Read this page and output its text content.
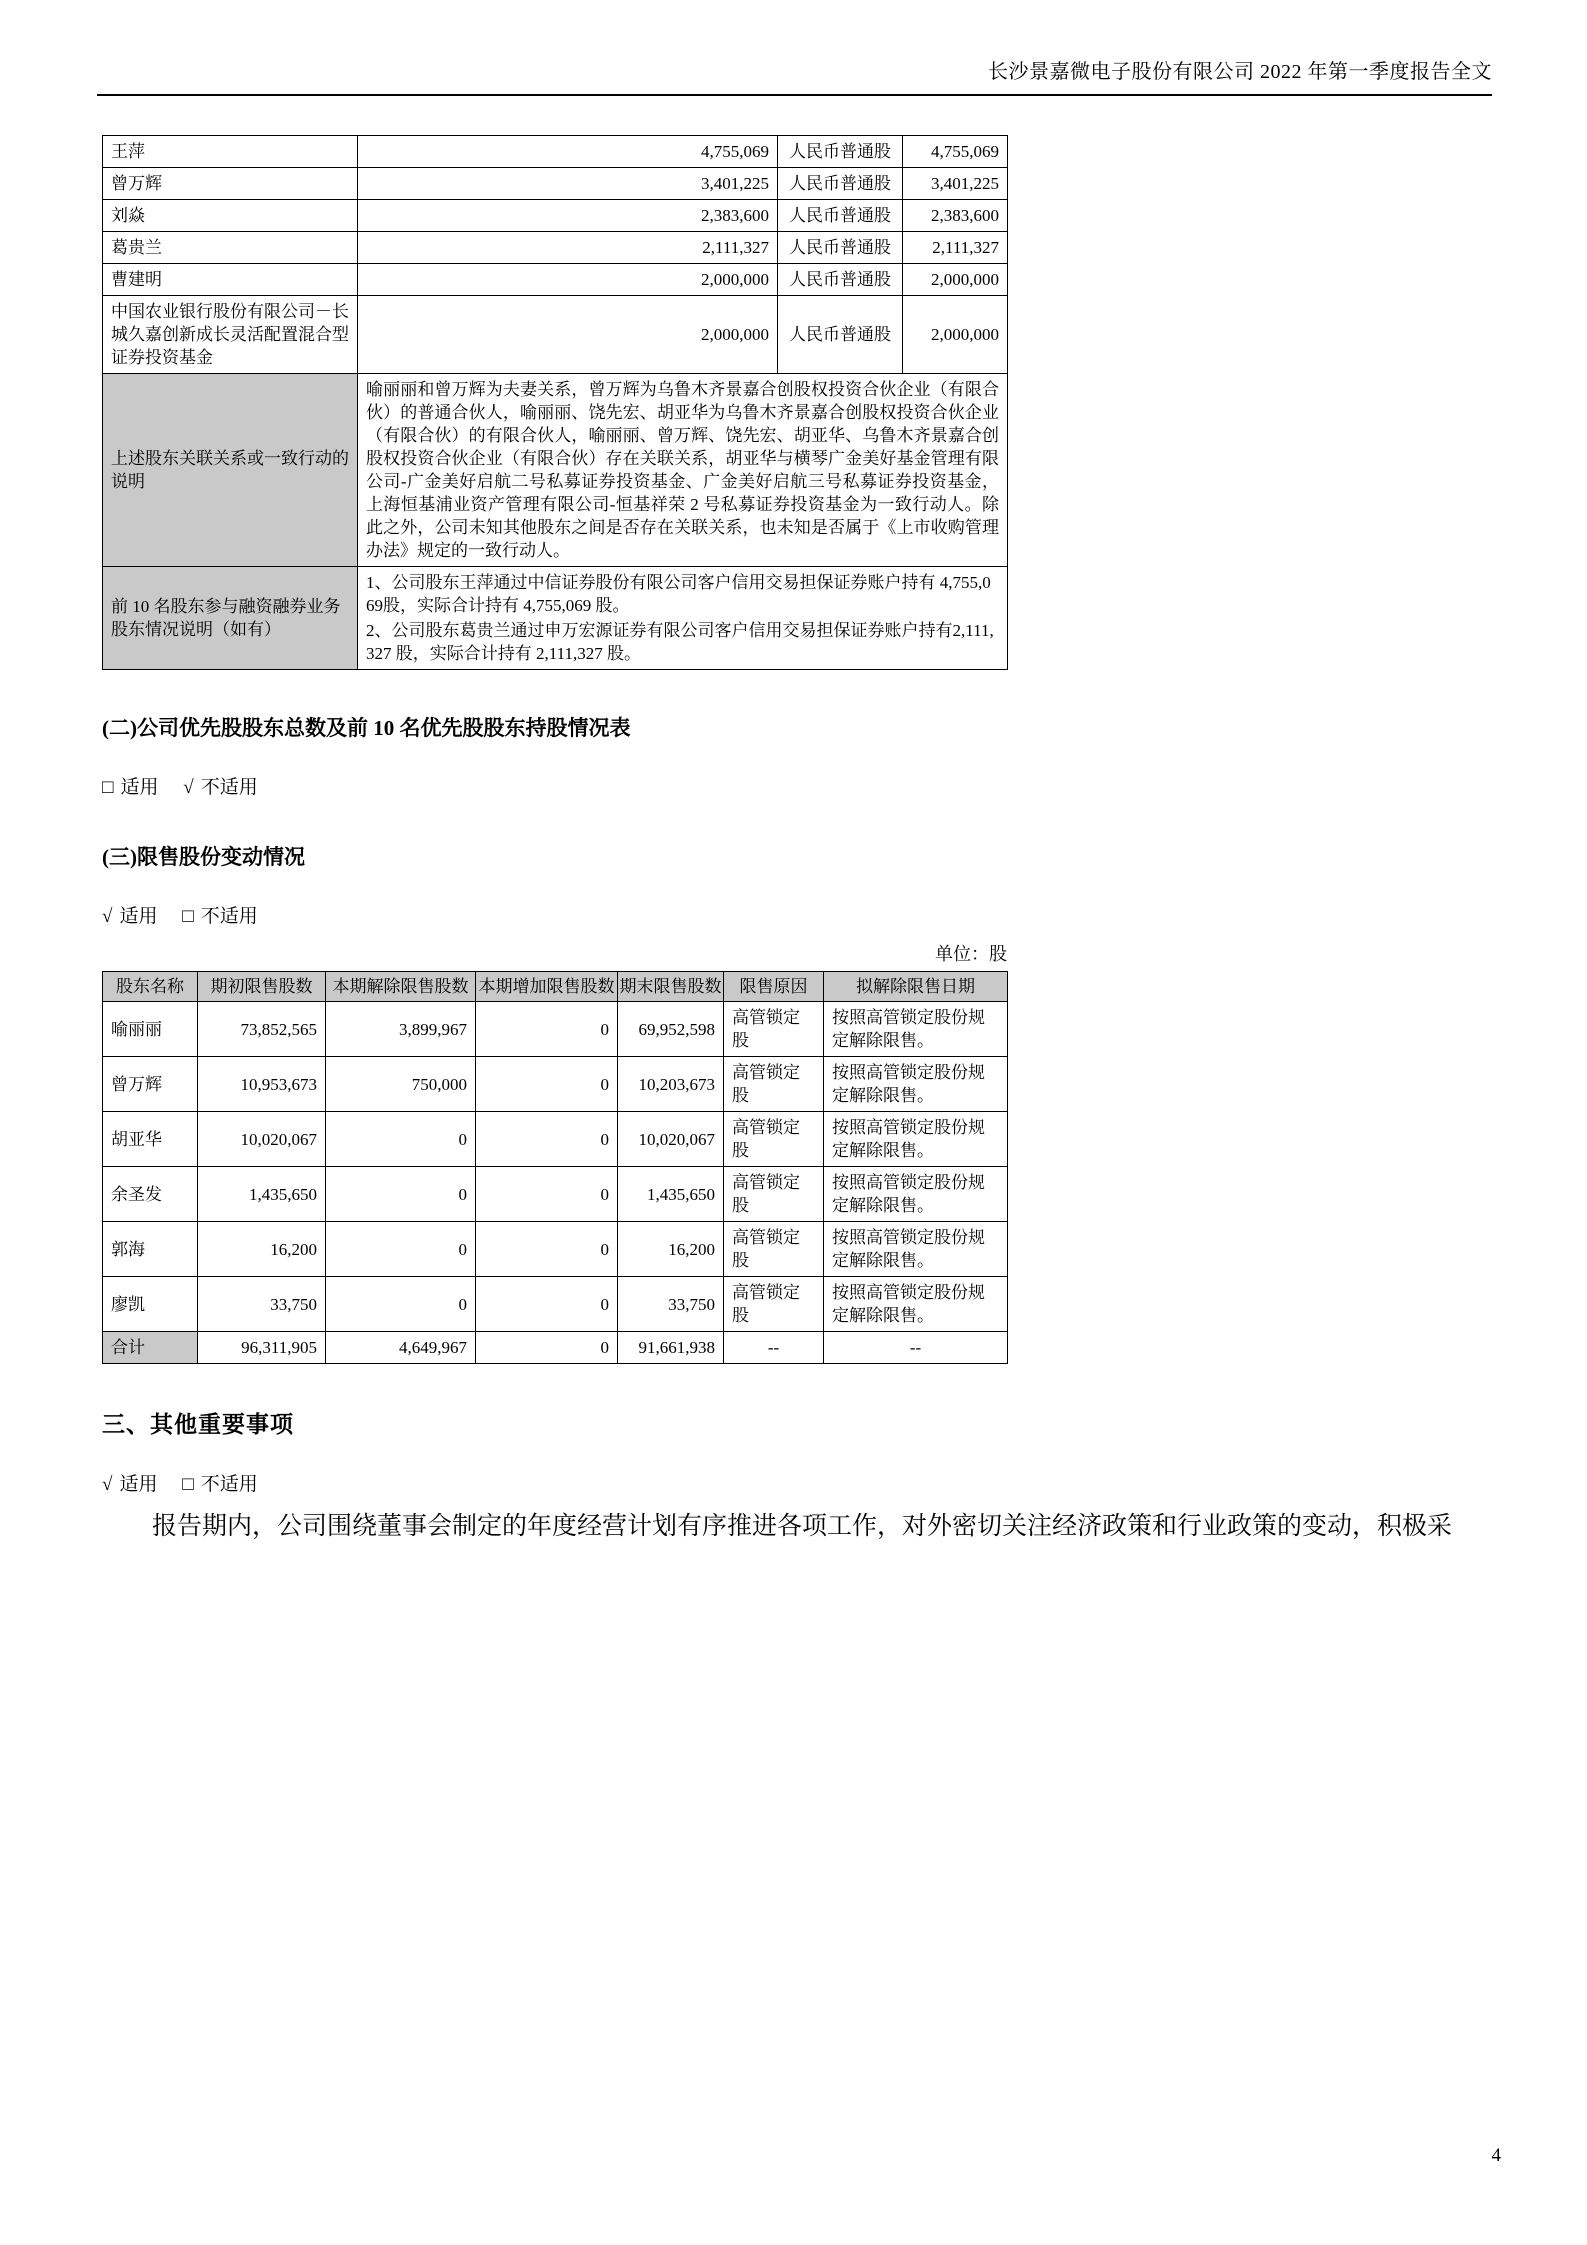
长沙景嘉微电子股份有限公司 2022 年第一季度报告全文
王萍	4,755,069	人民币普通股	4,755,069
曾万辉	3,401,225	人民币普通股	3,401,225
刘焱	2,383,600	人民币普通股	2,383,600
葛贵兰	2,111,327	人民币普通股	2,111,327
曹建明	2,000,000	人民币普通股	2,000,000
中国农业银行股份有限公司－长城久嘉创新成长灵活配置混合型证券投资基金	2,000,000	人民币普通股	2,000,000
上述股东关联关系或一致行动的说明	喻丽丽和曾万辉为夫妻关系，曾万辉为乌鲁木齐景嘉合创股权投资合伙企业（有限合伙）的普通合伙人，喻丽丽、饶先宏、胡亚华为乌鲁木齐景嘉合创股权投资合伙企业（有限合伙）的有限合伙人，喻丽丽、曾万辉、饶先宏、胡亚华、乌鲁木齐景嘉合创股权投资合伙企业（有限合伙）存在关联关系，胡亚华与横琴广金美好基金管理有限公司-广金美好启航二号私募证券投资基金、广金美好启航三号私募证券投资基金，上海恒基浦业资产管理有限公司-恒基祥荣 2 号私募证券投资基金为一致行动人。除此之外，公司未知其他股东之间是否存在关联关系，也未知是否属于《上市收购管理办法》规定的一致行动人。		
前 10 名股东参与融资融券业务股东情况说明（如有）	1、公司股东王萍通过中信证券股份有限公司客户信用交易担保证券账户持有 4,755,069股，实际合计持有 4,755,069 股。
2、公司股东葛贵兰通过申万宏源证券有限公司客户信用交易担保证券账户持有2,111,327 股，实际合计持有 2,111,327 股。		
(二)公司优先股股东总数及前 10 名优先股股东持股情况表
□ 适用 √ 不适用
(三)限售股份变动情况
√ 适用 □ 不适用
单位：股
股东名称	期初限售股数	本期解除限售股数	本期增加限售股数	期末限售股数	限售原因	拟解除限售日期
喻丽丽	73,852,565	3,899,967	0	69,952,598	高管锁定股	按照高管锁定股份规定解除限售。
曾万辉	10,953,673	750,000	0	10,203,673	高管锁定股	按照高管锁定股份规定解除限售。
胡亚华	10,020,067	0	0	10,020,067	高管锁定股	按照高管锁定股份规定解除限售。
余圣发	1,435,650	0	0	1,435,650	高管锁定股	按照高管锁定股份规定解除限售。
郭海	16,200	0	0	16,200	高管锁定股	按照高管锁定股份规定解除限售。
廖凯	33,750	0	0	33,750	高管锁定股	按照高管锁定股份规定解除限售。
合计	96,311,905	4,649,967	0	91,661,938	--	--
三、其他重要事项
√ 适用 □ 不适用
报告期内，公司围绕董事会制定的年度经营计划有序推进各项工作，对外密切关注经济政策和行业政策的变动，积极采
4
